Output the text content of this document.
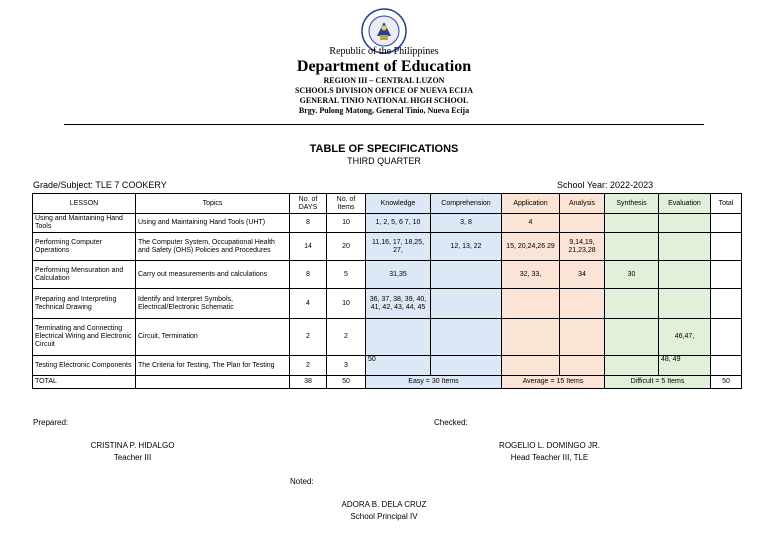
Republic of the Philippines
Department of Education
REGION III – CENTRAL LUZON
SCHOOLS DIVISION OFFICE OF NUEVA ECIJA
GENERAL TINIO NATIONAL HIGH SCHOOL
Brgy. Pulong Matong, General Tinio, Nueva Ecija
TABLE OF SPECIFICATIONS
THIRD QUARTER
Grade/Subject: TLE 7 COOKERY	School Year: 2022-2023
LESSON	Topics	No. of DAYS	No. of Items	Knowledge	Comprehension	Application	Analysis	Synthesis	Evaluation	Total
Using and Maintaining Hand Tools	Using and Maintaining Hand Tools (UHT)	8	10	1, 2, 5, 6 7, 10	3, 8	4				
Performing Computer Operations	The Computer System, Occupational Health and Safety (OHS) Policies and Procedures	14	20	11,16, 17, 18,25, 27,	12, 13, 22	15, 20,24,26 29	9,14,19, 21,23,28			
Performing Mensuration and Calculation	Carry out measurements and calculations	8	5	31,35		32, 33,	34	30		
Preparing and Interpreting Technical Drawing	Identify and Interpret Symbols, Electrical/Electronic Schematic	4	10	36, 37, 38, 39, 40, 41, 42, 43, 44, 45						
Terminating and Connecting Electrical Wiring and Electronic Circuit	Circuit, Termination	2	2						46,47,	
Testing Electronic Components	The Criteria for Testing, The Plan for Testing	2	3	50					48, 49	
TOTAL		38	50	Easy = 30 Items		Average = 15 Items		Difficult = 5 Items		50
Prepared:
CRISTINA P. HIDALGO
Teacher III
Checked:
ROGELIO L. DOMINGO JR.
Head Teacher III, TLE
Noted:
ADORA B. DELA CRUZ
School Principal IV
